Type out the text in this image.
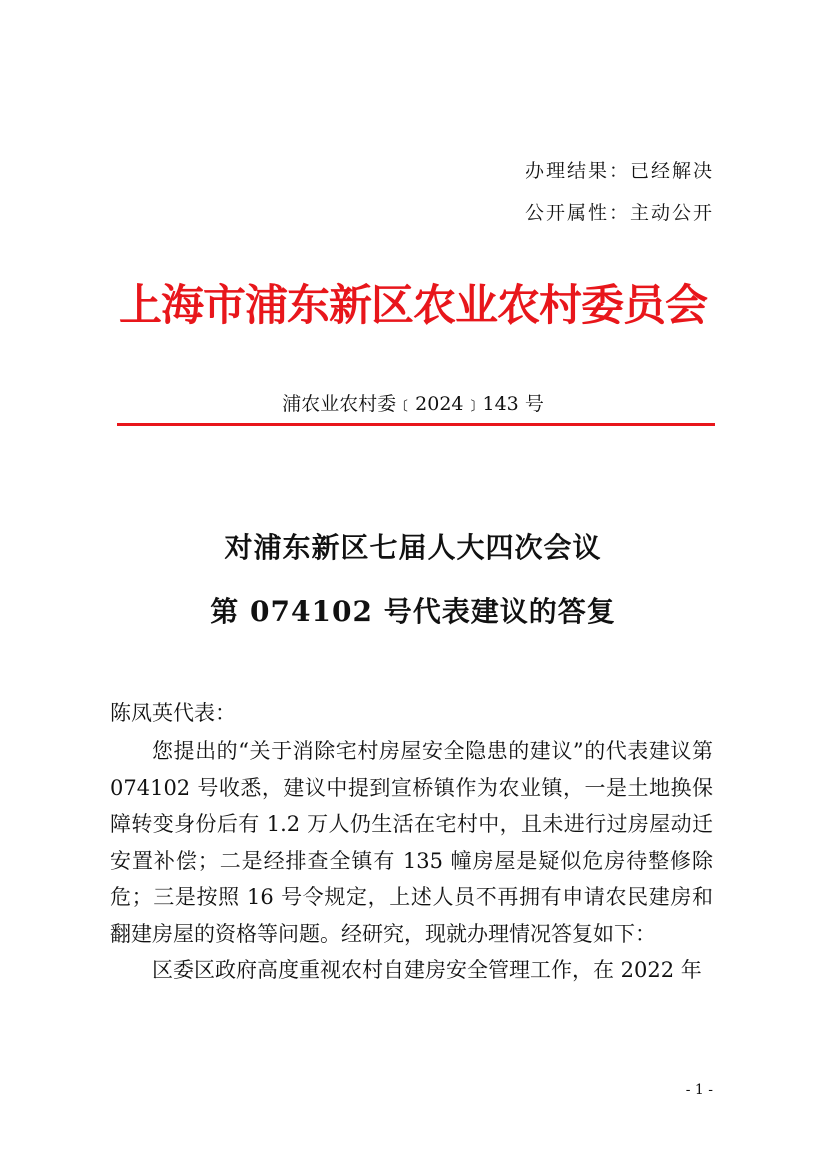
办理结果：已经解决
公开属性：主动公开
上海市浦东新区农业农村委员会
浦农业农村委﹝2024﹞143 号
对浦东新区七届人大四次会议
第 074102 号代表建议的答复
陈凤英代表：

您提出的“关于消除宅村房屋安全隐患的建议”的代表建议第 074102 号收悉，建议中提到宣桥镇作为农业镇，一是土地换保障转变身份后有 1.2 万人仍生活在宅村中，且未进行过房屋动迁安置补偿；二是经排查全镇有 135 幢房屋是疑似危房待整修除危；三是按照 16 号令规定，上述人员不再拥有申请农民建房和翻建房屋的资格等问题。经研究，现就办理情况答复如下：

区委区政府高度重视农村自建房安全管理工作，在 2022 年

- 1 -
